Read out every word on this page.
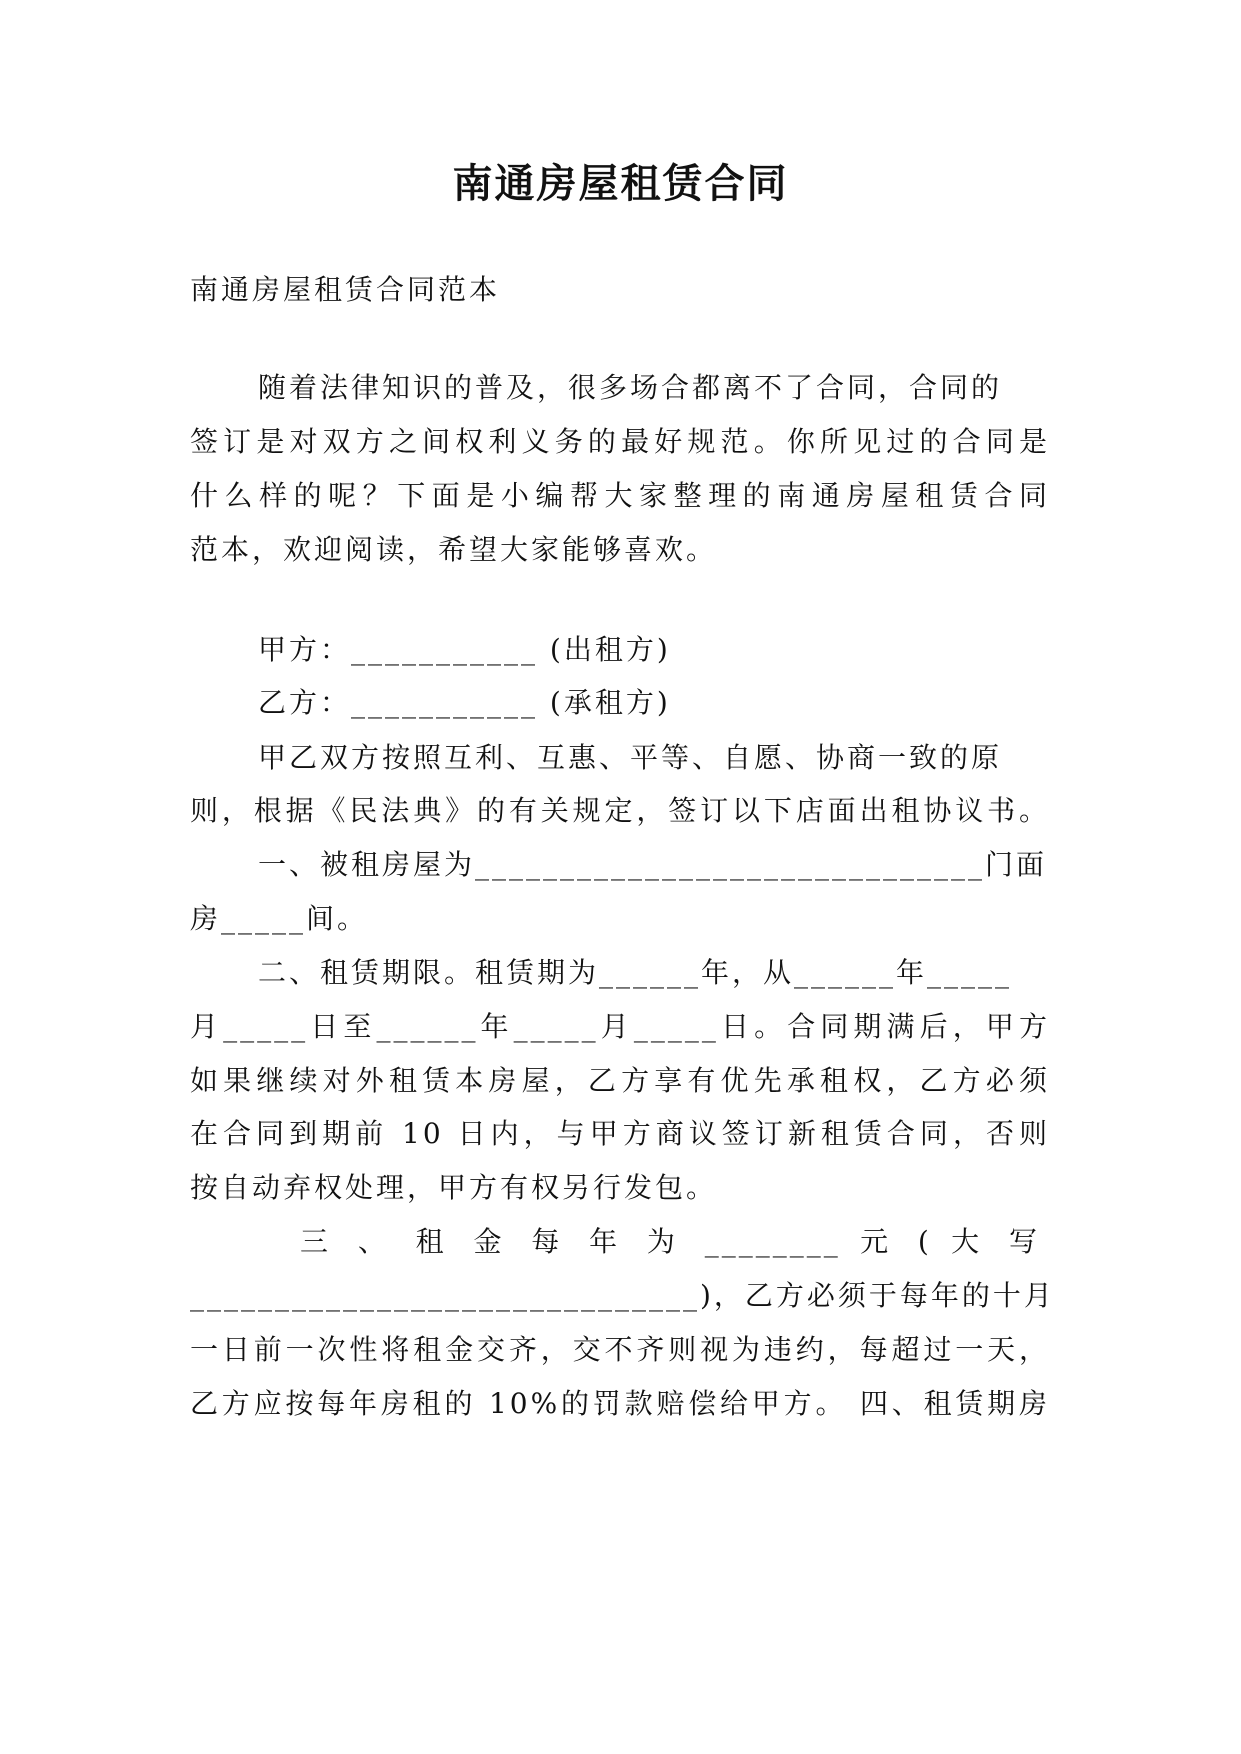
南通房屋租赁合同
南通房屋租赁合同范本
随着法律知识的普及，很多场合都离不了合同，合同的
签订是对双方之间权利义务的最好规范。你所见过的合同是
什么样的呢？下面是小编帮大家整理的南通房屋租赁合同
范本，欢迎阅读，希望大家能够喜欢。
甲方：___________ (出租方)
乙方：___________ (承租方)
甲乙双方按照互利、互惠、平等、自愿、协商一致的原
则，根据《民法典》的有关规定，签订以下店面出租协议书。
一、被租房屋为______________________________门面
房_____间。
二、租赁期限。租赁期为______年，从______年_____
月_____日至______年_____月_____日。合同期满后，甲方
如果继续对外租赁本房屋，乙方享有优先承租权，乙方必须
在合同到期前 10 日内，与甲方商议签订新租赁合同，否则
按自动弃权处理，甲方有权另行发包。
三 、 租 金 每 年 为 ________ 元 ( 大 写
______________________________)，乙方必须于每年的十月
一日前一次性将租金交齐，交不齐则视为违约，每超过一天，
乙方应按每年房租的 10%的罚款赔偿给甲方。 四、租赁期房
